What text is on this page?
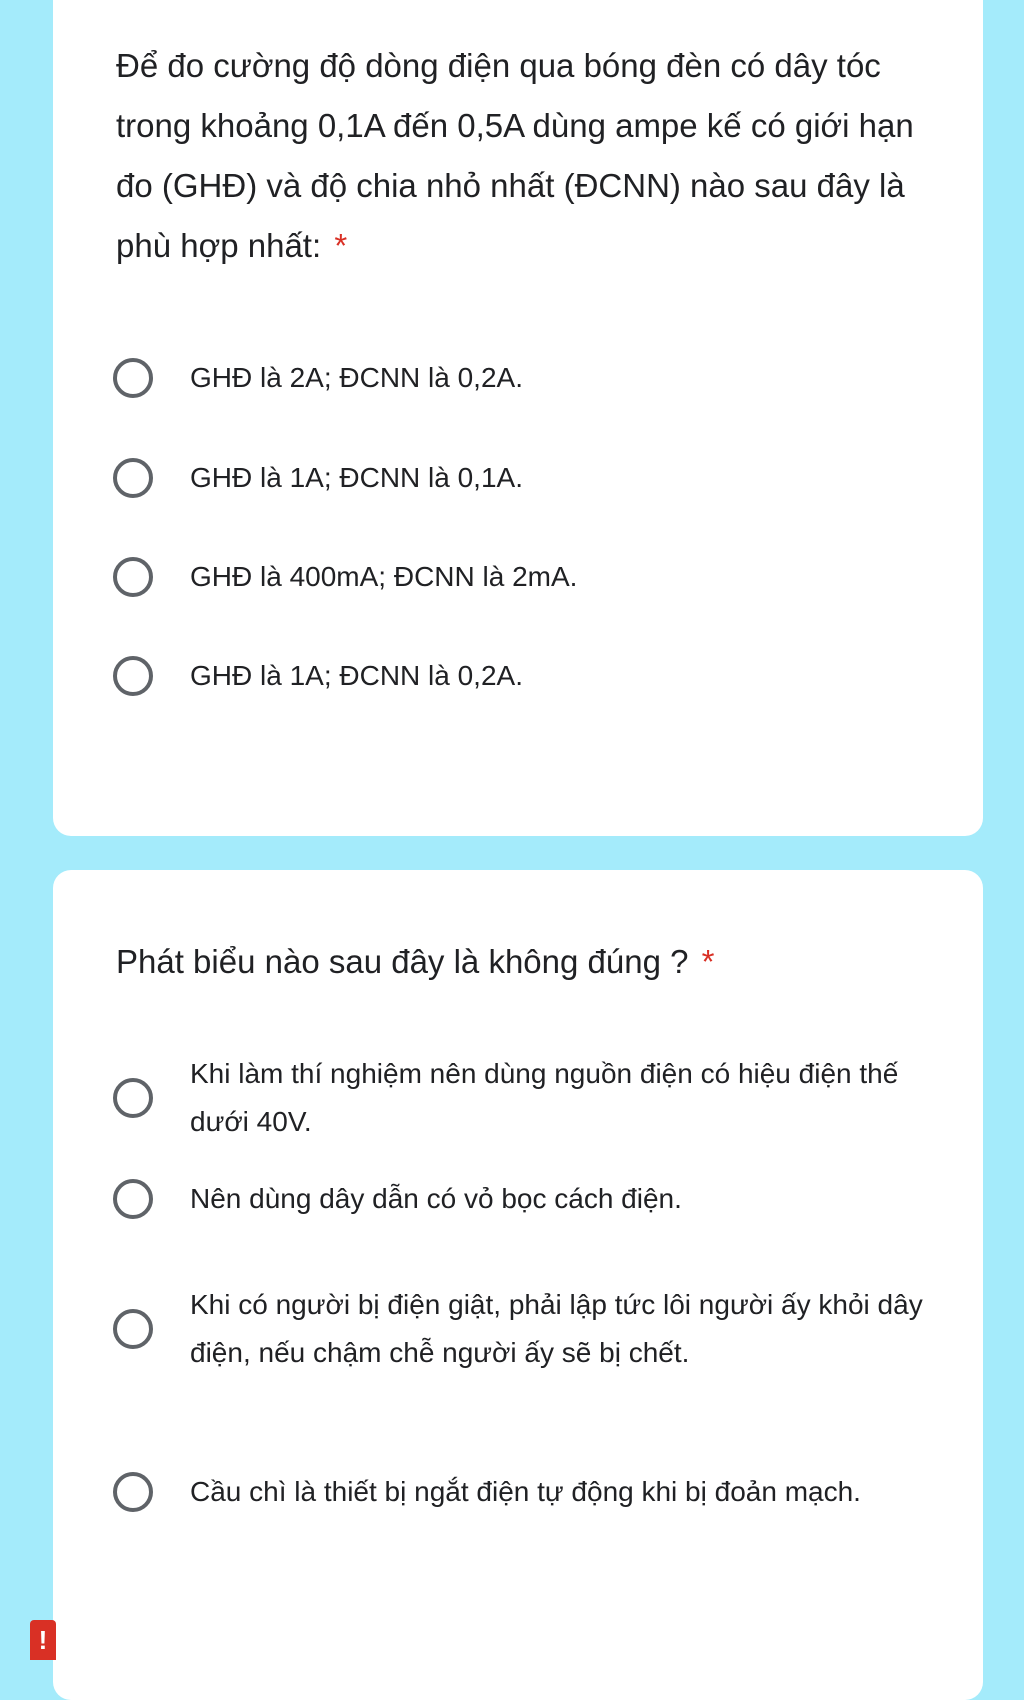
Để đo cường độ dòng điện qua bóng đèn có dây tóc trong khoảng 0,1A đến 0,5A dùng ampe kế có giới hạn đo (GHĐ) và độ chia nhỏ nhất (ĐCNN) nào sau đây là phù hợp nhất: *
GHĐ là 2A; ĐCNN là 0,2A.
GHĐ là 1A; ĐCNN là 0,1A.
GHĐ là 400mA; ĐCNN là 2mA.
GHĐ là 1A; ĐCNN là 0,2A.
Phát biểu nào sau đây là không đúng ? *
Khi làm thí nghiệm nên dùng nguồn điện có hiệu điện thế dưới 40V.
Nên dùng dây dẫn có vỏ bọc cách điện.
Khi có người bị điện giật, phải lập tức lôi người ấy khỏi dây điện, nếu chậm chễ người ấy sẽ bị chết.
Cầu chì là thiết bị ngắt điện tự động khi bị đoản mạch.
!
